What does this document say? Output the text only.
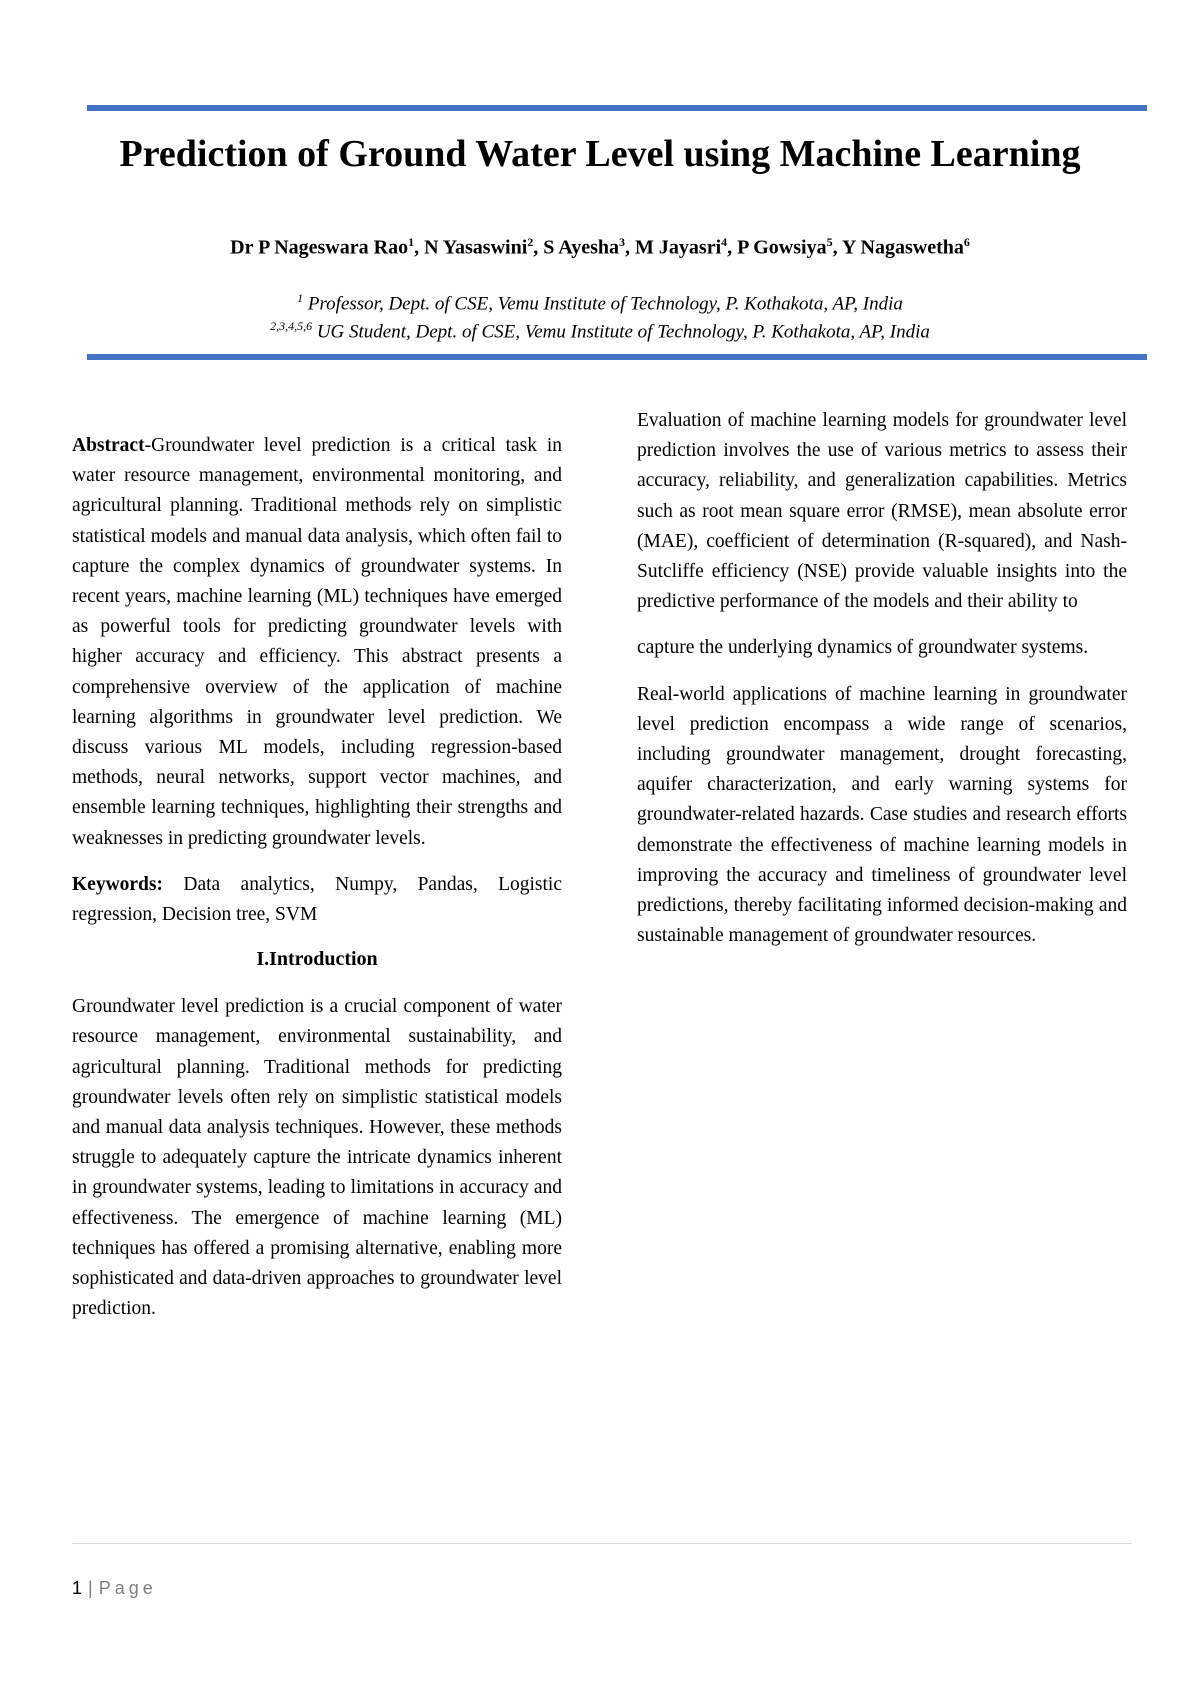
Prediction of Ground Water Level using Machine Learning
Dr P Nageswara Rao$^1$, N Yasaswini$^2$, S Ayesha$^3$, M Jayasri$^4$, P Gowsiya$^5$, Y Nagaswetha$^6$
$^1$ Professor, Dept. of CSE, Vemu Institute of Technology, P. Kothakota, AP, India
$^{2,3,4,5,6}$ UG Student, Dept. of CSE, Vemu Institute of Technology, P. Kothakota, AP, India

Abstract-Groundwater level prediction is a critical task in water resource management, environmental monitoring, and agricultural planning. Traditional methods rely on simplistic statistical models and manual data analysis, which often fail to capture the complex dynamics of groundwater systems. In recent years, machine learning (ML) techniques have emerged as powerful tools for predicting groundwater levels with higher accuracy and efficiency. This abstract presents a comprehensive overview of the application of machine learning algorithms in groundwater level prediction. We discuss various ML models, including regression-based methods, neural networks, support vector machines, and ensemble learning techniques, highlighting their strengths and weaknesses in predicting groundwater levels.

Keywords: Data analytics, Numpy, Pandas, Logistic regression, Decision tree, SVM

I.Introduction

Groundwater level prediction is a crucial component of water resource management, environmental sustainability, and agricultural planning. Traditional methods for predicting groundwater levels often rely on simplistic statistical models and manual data analysis techniques. However, these methods struggle to adequately capture the intricate dynamics inherent in groundwater systems, leading to limitations in accuracy and effectiveness. The emergence of machine learning (ML) techniques has offered a promising alternative, enabling more sophisticated and data-driven approaches to groundwater level prediction.

Evaluation of machine learning models for groundwater level prediction involves the use of various metrics to assess their accuracy, reliability, and generalization capabilities. Metrics such as root mean square error (RMSE), mean absolute error (MAE), coefficient of determination (R-squared), and Nash-Sutcliffe efficiency (NSE) provide valuable insights into the predictive performance of the models and their ability to

capture the underlying dynamics of groundwater systems.

Real-world applications of machine learning in groundwater level prediction encompass a wide range of scenarios, including groundwater management, drought forecasting, aquifer characterization, and early warning systems for groundwater-related hazards. Case studies and research efforts demonstrate the effectiveness of machine learning models in improving the accuracy and timeliness of groundwater level predictions, thereby facilitating informed decision-making and sustainable management of groundwater resources.

1 | Page
